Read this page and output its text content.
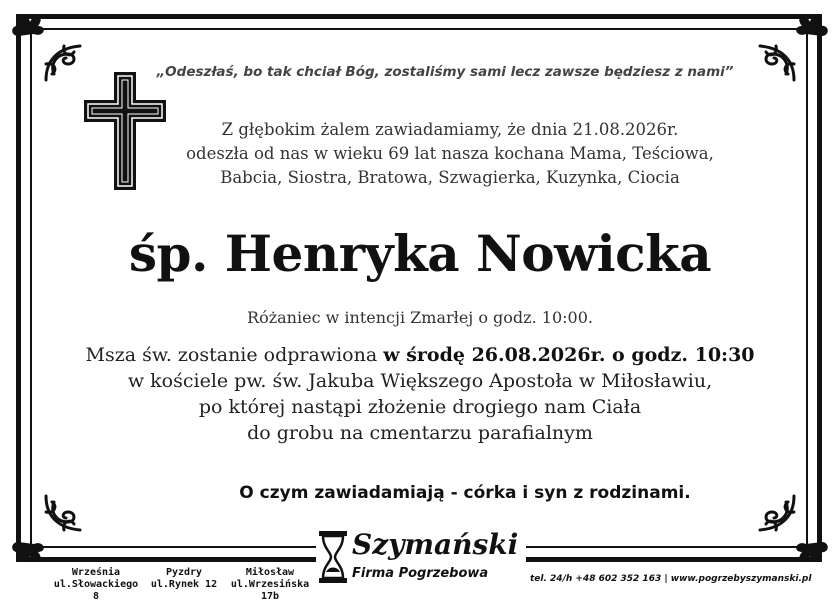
„Odeszłaś, bo tak chciał Bóg, zostaliśmy sami lecz zawsze będziesz z nami”
Z głębokim żalem zawiadamiamy, że dnia 21.08.2026r.
odeszła od nas w wieku 69 lat nasza kochana Mama, Teściowa,
Babcia, Siostra, Bratowa, Szwagierka, Kuzynka, Ciocia
śp. Henryka Nowicka
Różaniec w intencji Zmarłej o godz. 10:00.
Msza św. zostanie odprawiona w środę 26.08.2026r. o godz. 10:30
w kościele pw. św. Jakuba Większego Apostoła w Miłosławiu,
po której nastąpi złożenie drogiego nam Ciała
do grobu na cmentarzu parafialnym
O czym zawiadamiają - córka i syn z rodzinami.
Września
ul.Słowackiego 8
Pyzdry
ul.Rynek 12
Miłosław
ul.Wrzesińska 17b
Szymański
Firma Pogrzebowa	tel. 24/h +48 602 352 163 | www.pogrzebyszymanski.pl
